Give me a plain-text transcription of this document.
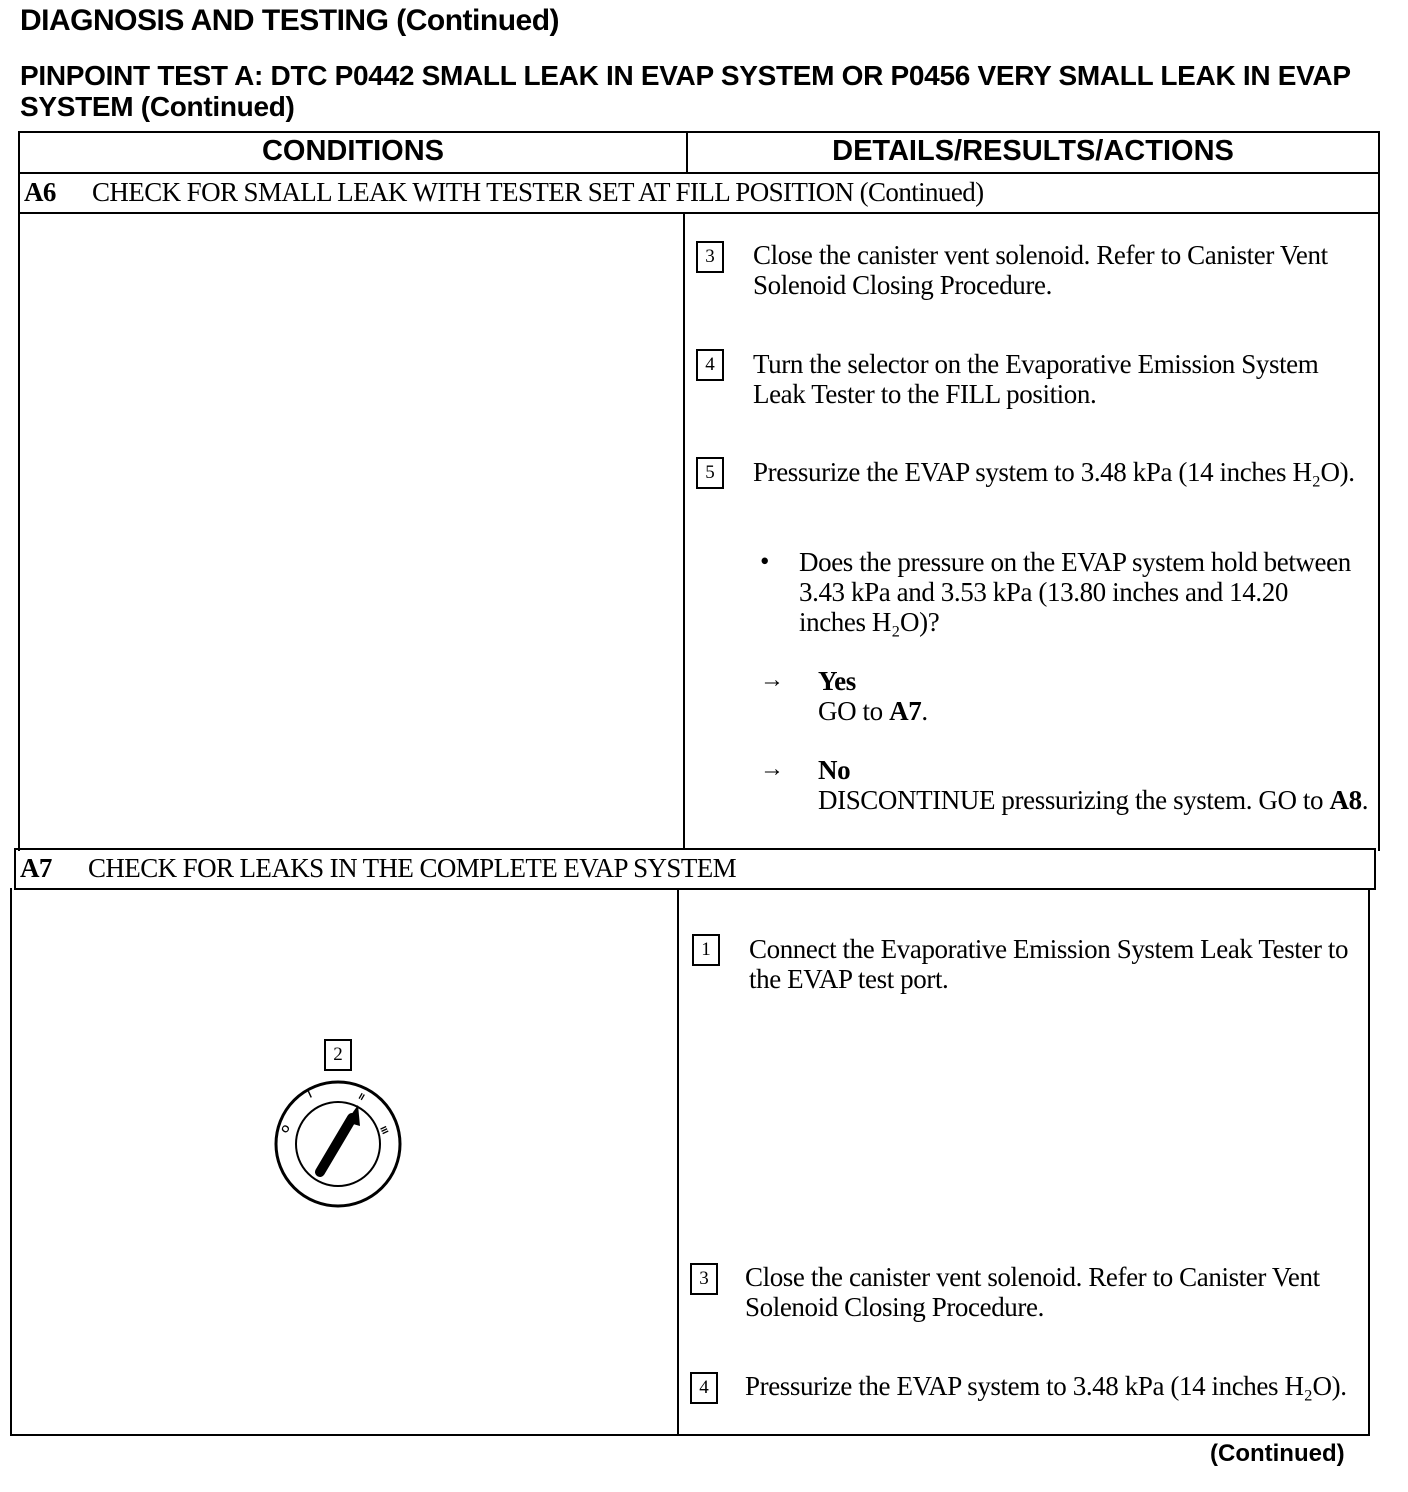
DIAGNOSIS AND TESTING (Continued)
PINPOINT TEST A: DTC P0442 SMALL LEAK IN EVAP SYSTEM OR P0456 VERY SMALL LEAK IN EVAP SYSTEM (Continued)
CONDITIONS	DETAILS/RESULTS/ACTIONS
A6 CHECK FOR SMALL LEAK WITH TESTER SET AT FILL POSITION (Continued)
3	Close the canister vent solenoid. Refer to Canister Vent Solenoid Closing Procedure.
4	Turn the selector on the Evaporative Emission System Leak Tester to the FILL position.
5	Pressurize the EVAP system to 3.48 kPa (14 inches H₂O).
• Does the pressure on the EVAP system hold between 3.43 kPa and 3.53 kPa (13.80 inches and 14.20 inches H₂O)?
→ Yes
GO to A7.
→ No
DISCONTINUE pressurizing the system. GO to A8.
A7 CHECK FOR LEAKS IN THE COMPLETE EVAP SYSTEM
2
O
I	II
III
1	Connect the Evaporative Emission System Leak Tester to the EVAP test port.
3	Close the canister vent solenoid. Refer to Canister Vent Solenoid Closing Procedure.
4	Pressurize the EVAP system to 3.48 kPa (14 inches H₂O).
(Continued)
